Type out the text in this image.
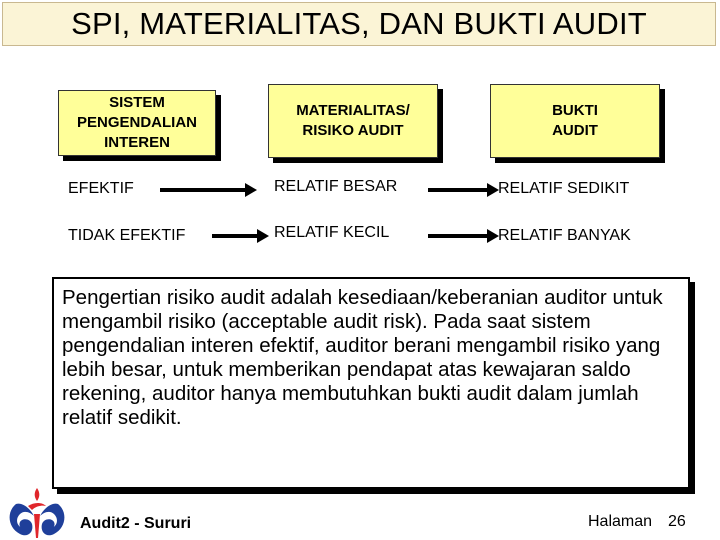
SPI, MATERIALITAS, DAN BUKTI AUDIT
SISTEM
PENGENDALIAN
INTEREN
MATERIALITAS/
RISIKO AUDIT
BUKTI
AUDIT
EFEKTIF	RELATIF BESAR	RELATIF SEDIKIT
TIDAK EFEKTIF	RELATIF KECIL	RELATIF BANYAK
Pengertian risiko audit adalah kesediaan/keberanian auditor untuk mengambil risiko (acceptable audit risk). Pada saat sistem pengendalian interen efektif, auditor berani mengambil risiko yang lebih besar, untuk memberikan pendapat atas kewajaran saldo rekening, auditor hanya membutuhkan bukti audit dalam jumlah relatif sedikit.
Audit2 - Sururi	Halaman 26
